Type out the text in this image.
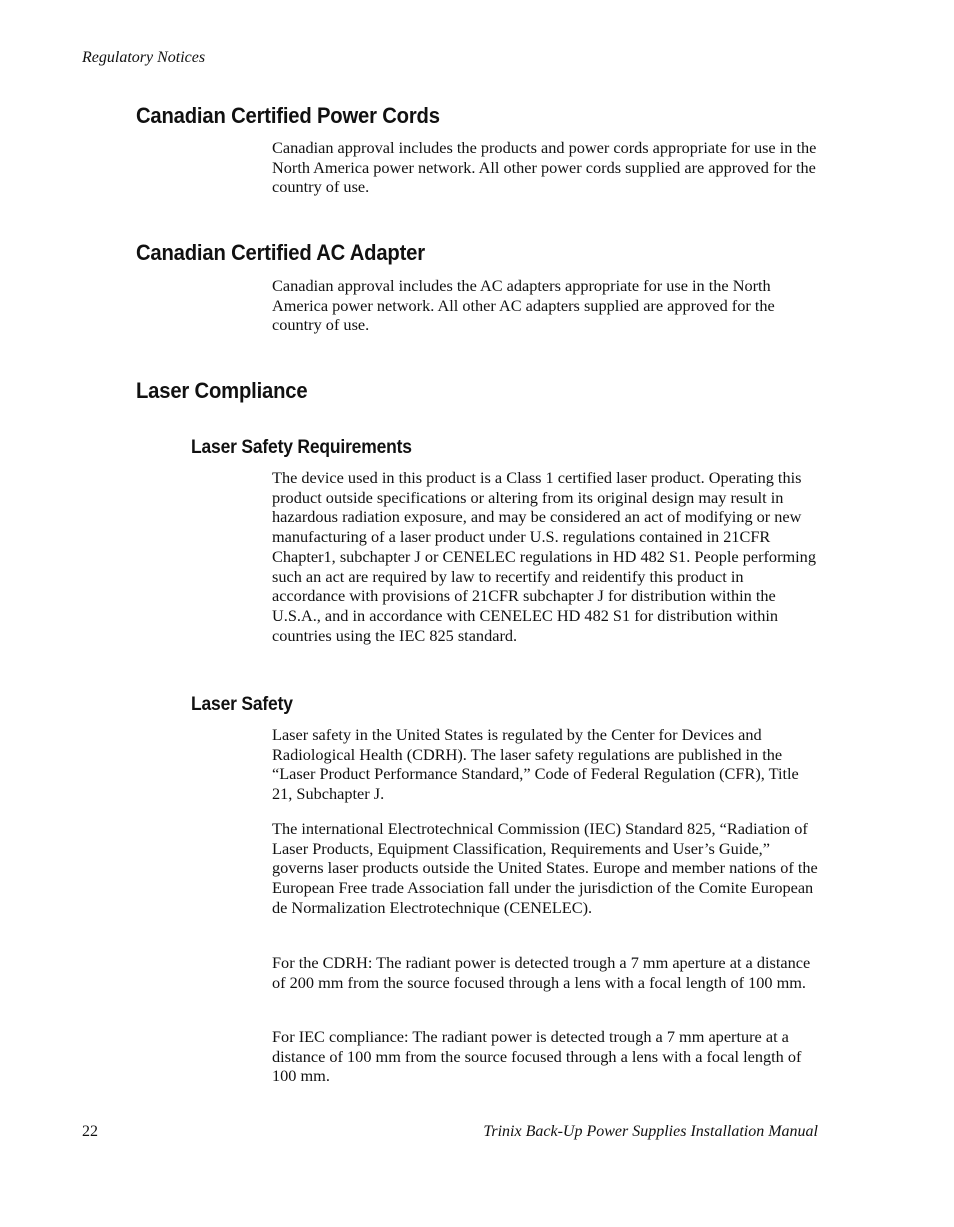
Regulatory Notices
Canadian Certified Power Cords

Canadian approval includes the products and power cords appropriate for use in the North America power network. All other power cords supplied are approved for the country of use.

Canadian Certified AC Adapter

Canadian approval includes the AC adapters appropriate for use in the North America power network. All other AC adapters supplied are approved for the country of use.

Laser Compliance
Laser Safety Requirements

The device used in this product is a Class 1 certified laser product. Operating this product outside specifications or altering from its original design may result in hazardous radiation exposure, and may be considered an act of modifying or new manufacturing of a laser product under U.S. regulations contained in 21CFR Chapter1, subchapter J or CENELEC regulations in HD 482 S1. People performing such an act are required by law to recertify and reidentify this product in accordance with provisions of 21CFR subchapter J for distribution within the U.S.A., and in accordance with CENELEC HD 482 S1 for distribution within countries using the IEC 825 standard.

Laser Safety

Laser safety in the United States is regulated by the Center for Devices and Radiological Health (CDRH). The laser safety regulations are published in the “Laser Product Performance Standard,” Code of Federal Regulation (CFR), Title 21, Subchapter J.

The international Electrotechnical Commission (IEC) Standard 825, “Radiation of Laser Products, Equipment Classification, Requirements and User’s Guide,” governs laser products outside the United States. Europe and member nations of the European Free trade Association fall under the jurisdiction of the Comite European de Normalization Electrotechnique (CENELEC).

For the CDRH: The radiant power is detected trough a 7 mm aperture at a distance of 200 mm from the source focused through a lens with a focal length of 100 mm.

For IEC compliance: The radiant power is detected trough a 7 mm aperture at a distance of 100 mm from the source focused through a lens with a focal length of 100 mm.

22	Trinix Back-Up Power Supplies Installation Manual
